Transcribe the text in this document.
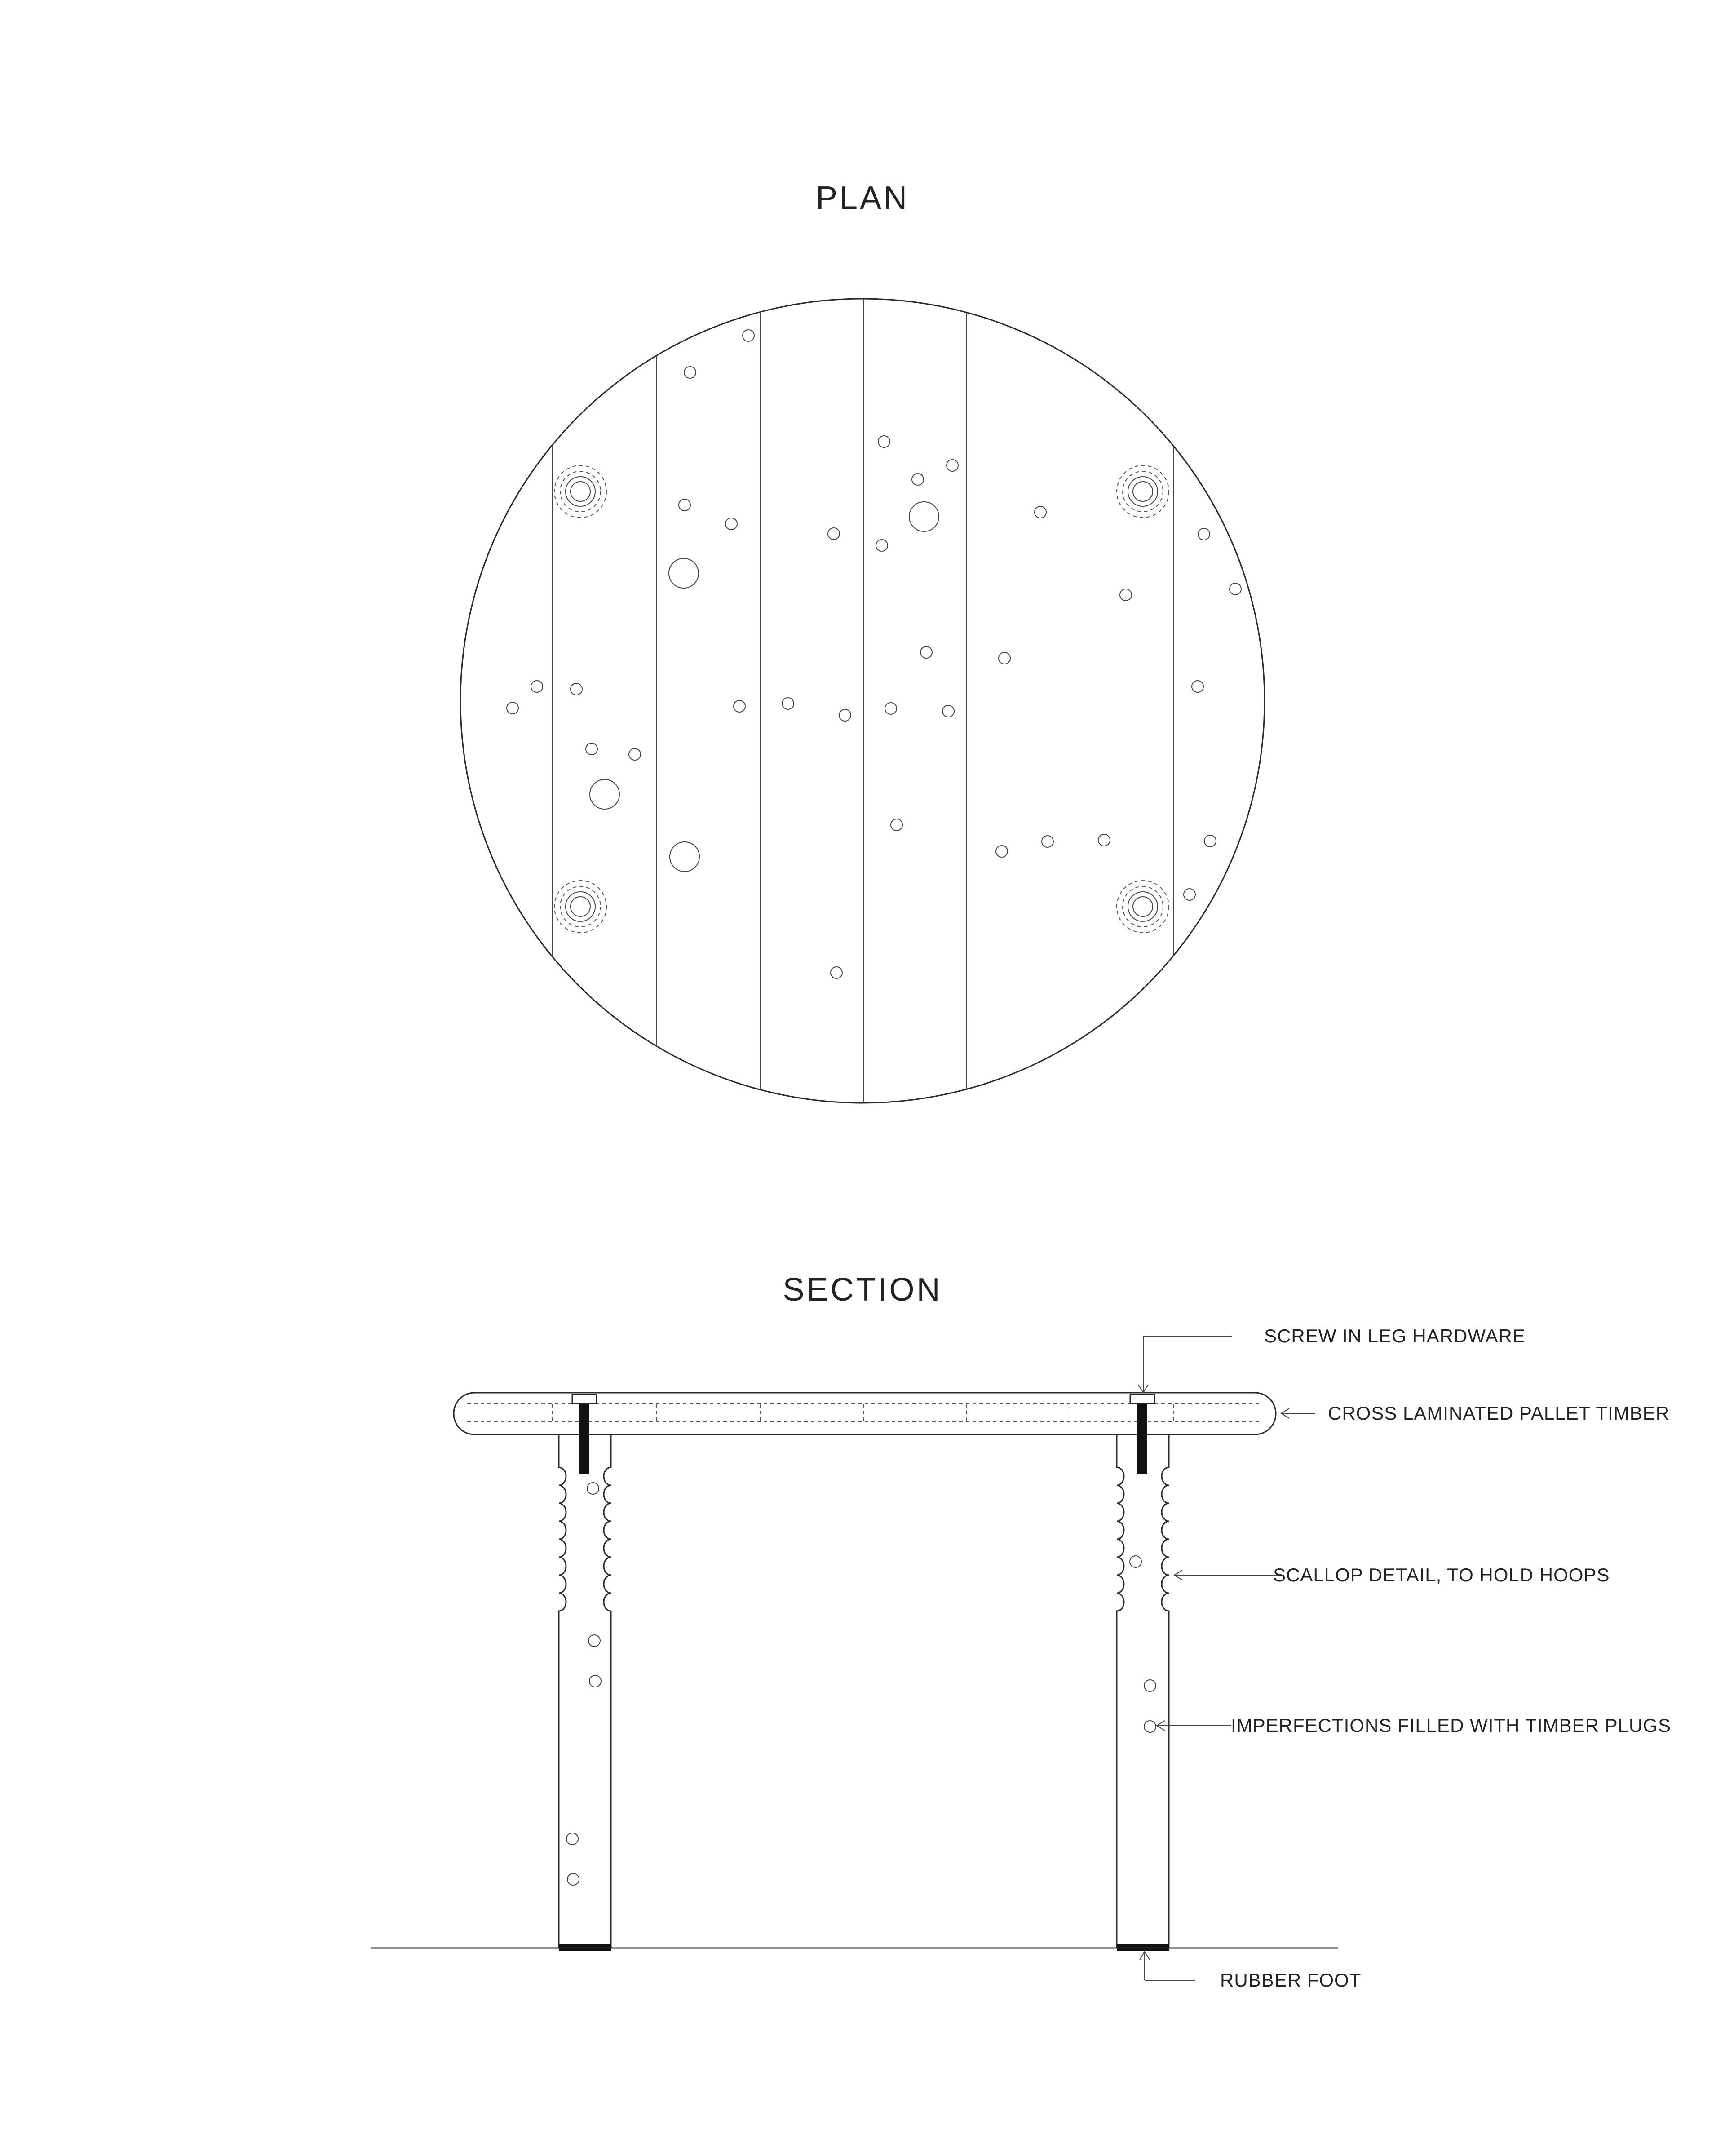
PLAN
SECTION
SCREW IN LEG HARDWARE
CROSS LAMINATED PALLET TIMBER
SCALLOP DETAIL, TO HOLD HOOPS
IMPERFECTIONS FILLED WITH TIMBER PLUGS
RUBBER FOOT
